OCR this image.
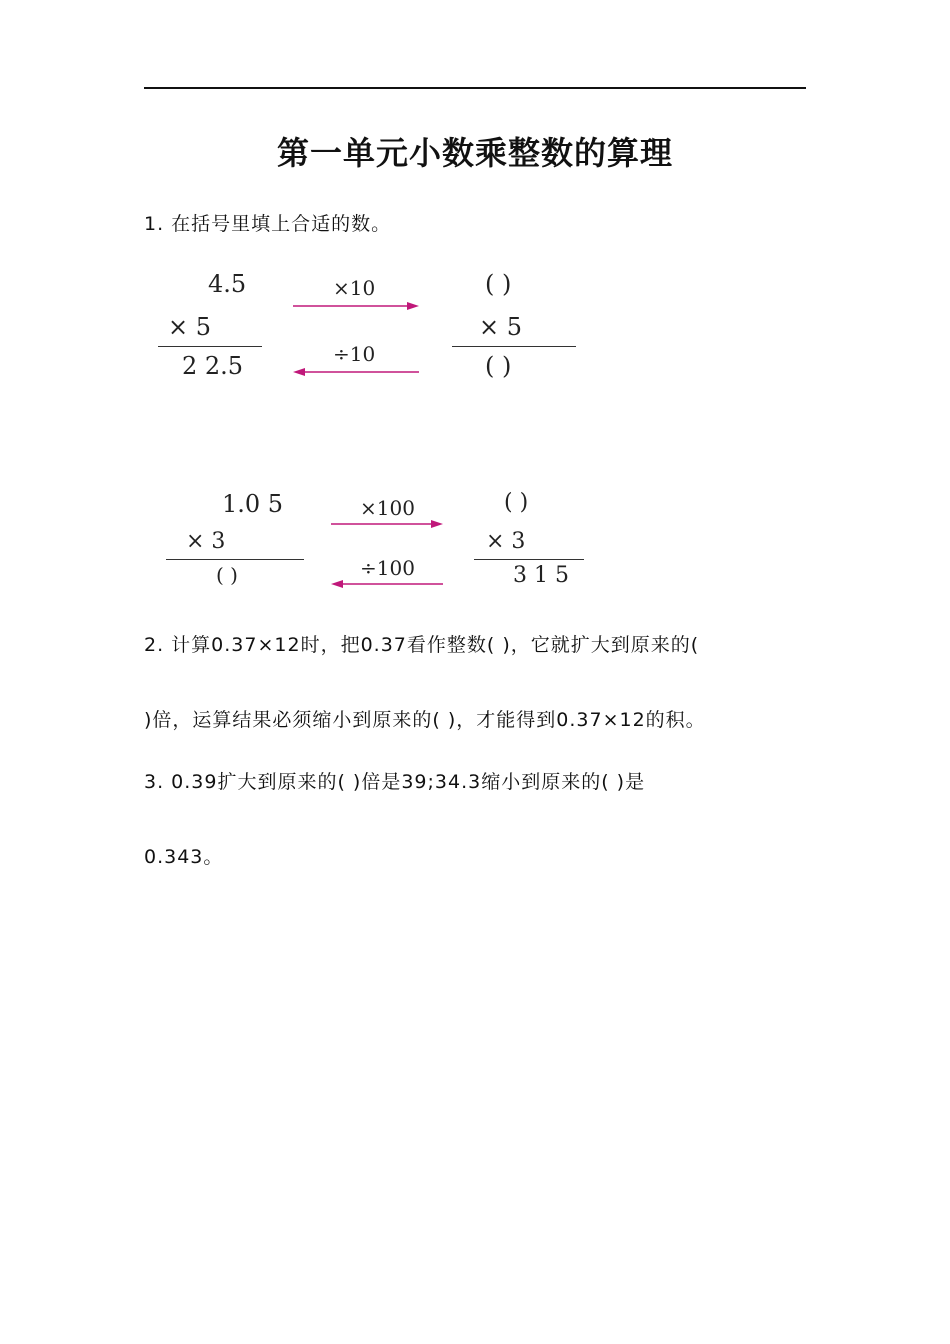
第一单元小数乘整数的算理
1. 在括号里填上合适的数。
4.5
× 5
2 2.5
×10
÷10
( )
× 5
( )
1.0 5
× 3
( )
×100
÷100
( )
× 3
3 1 5
2. 计算0.37×12时，把0.37看作整数( )，它就扩大到原来的(
)倍，运算结果必须缩小到原来的( )，才能得到0.37×12的积。
3. 0.39扩大到原来的( )倍是39;34.3缩小到原来的( )是
0.343。
